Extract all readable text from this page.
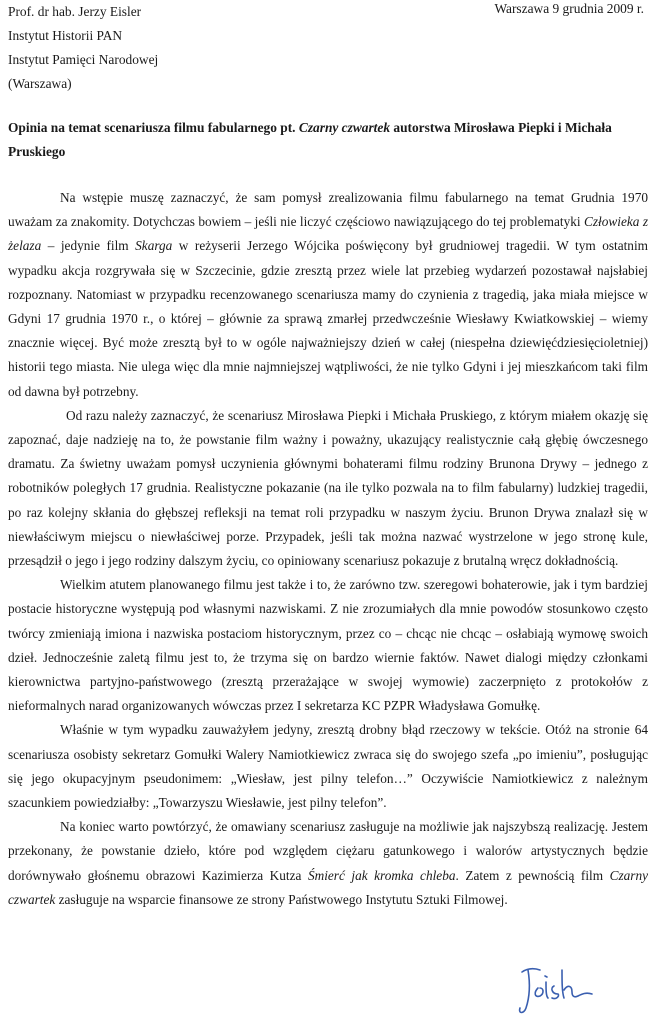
Prof. dr hab. Jerzy Eisler
Instytut Historii PAN
Instytut Pamięci Narodowej
(Warszawa)
Warszawa 9 grudnia 2009 r.
Opinia na temat scenariusza filmu fabularnego pt. Czarny czwartek autorstwa Mirosława Piepki i Michała Pruskiego

Na wstępie muszę zaznaczyć, że sam pomysł zrealizowania filmu fabularnego na temat Grudnia 1970 uważam za znakomity. Dotychczas bowiem – jeśli nie liczyć częściowo nawiązującego do tej problematyki Człowieka z żelaza – jedynie film Skarga w reżyserii Jerzego Wójcika poświęcony był grudniowej tragedii. W tym ostatnim wypadku akcja rozgrywała się w Szczecinie, gdzie zresztą przez wiele lat przebieg wydarzeń pozostawał najsłabiej rozpoznany. Natomiast w przypadku recenzowanego scenariusza mamy do czynienia z tragedią, jaka miała miejsce w Gdyni 17 grudnia 1970 r., o której – głównie za sprawą zmarłej przedwcześnie Wiesławy Kwiatkowskiej – wiemy znacznie więcej. Być może zresztą był to w ogóle najważniejszy dzień w całej (niespełna dziewięćdziesięcioletniej) historii tego miasta. Nie ulega więc dla mnie najmniejszej wątpliwości, że nie tylko Gdyni i jej mieszkańcom taki film od dawna był potrzebny.

Od razu należy zaznaczyć, że scenariusz Mirosława Piepki i Michała Pruskiego, z którym miałem okazję się zapoznać, daje nadzieję na to, że powstanie film ważny i poważny, ukazujący realistycznie całą głębię ówczesnego dramatu. Za świetny uważam pomysł uczynienia głównymi bohaterami filmu rodziny Brunona Drywy – jednego z robotników poległych 17 grudnia. Realistyczne pokazanie (na ile tylko pozwala na to film fabularny) ludzkiej tragedii, po raz kolejny skłania do głębszej refleksji na temat roli przypadku w naszym życiu. Brunon Drywa znalazł się w niewłaściwym miejscu o niewłaściwej porze. Przypadek, jeśli tak można nazwać wystrzelone w jego stronę kule, przesądził o jego i jego rodziny dalszym życiu, co opiniowany scenariusz pokazuje z brutalną wręcz dokładnością.

Wielkim atutem planowanego filmu jest także i to, że zarówno tzw. szeregowi bohaterowie, jak i tym bardziej postacie historyczne występują pod własnymi nazwiskami. Z nie zrozumiałych dla mnie powodów stosunkowo często twórcy zmieniają imiona i nazwiska postaciom historycznym, przez co – chcąc nie chcąc – osłabiają wymowę swoich dzieł. Jednocześnie zaletą filmu jest to, że trzyma się on bardzo wiernie faktów. Nawet dialogi między członkami kierownictwa partyjno-państwowego (zresztą przerażające w swojej wymowie) zaczerpnięto z protokołów z nieformalnych narad organizowanych wówczas przez I sekretarza KC PZPR Władysława Gomułkę.

Właśnie w tym wypadku zauważyłem jedyny, zresztą drobny błąd rzeczowy w tekście. Otóż na stronie 64 scenariusza osobisty sekretarz Gomułki Walery Namiotkiewicz zwraca się do swojego szefa „po imieniu”, posługując się jego okupacyjnym pseudonimem: „Wiesław, jest pilny telefon…” Oczywiście Namiotkiewicz z należnym szacunkiem powiedziałby: „Towarzyszu Wiesławie, jest pilny telefon”.

Na koniec warto powtórzyć, że omawiany scenariusz zasługuje na możliwie jak najszybszą realizację. Jestem przekonany, że powstanie dzieło, które pod względem ciężaru gatunkowego i walorów artystycznych będzie dorównywało głośnemu obrazowi Kazimierza Kutza Śmierć jak kromka chleba. Zatem z pewnością film Czarny czwartek zasługuje na wsparcie finansowe ze strony Państwowego Instytutu Sztuki Filmowej.
